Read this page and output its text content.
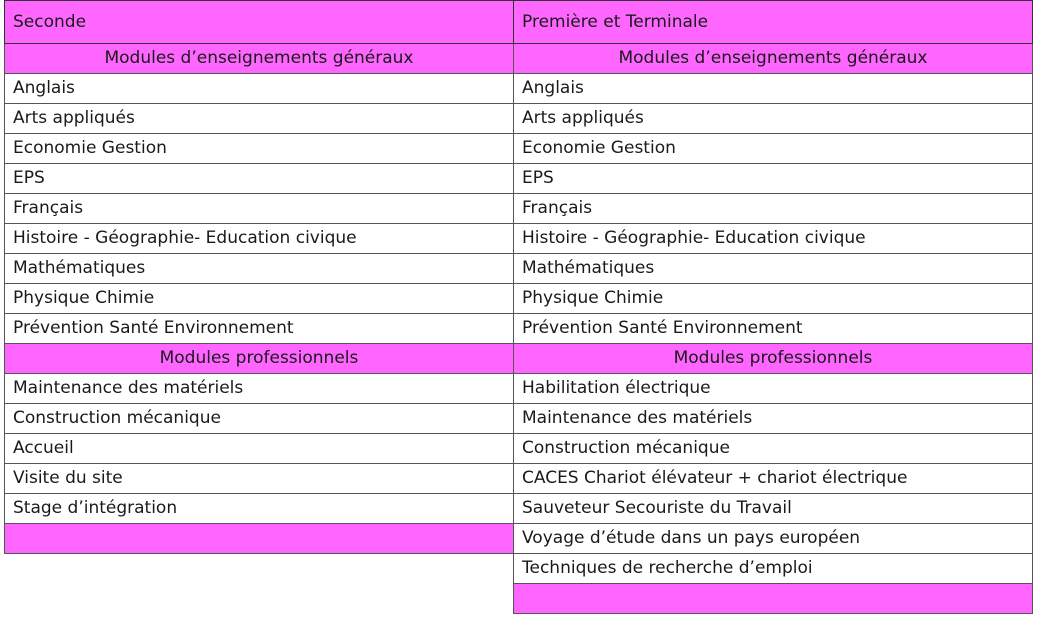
Seconde
Modules d’enseignements généraux
Anglais
Arts appliqués
Economie Gestion
EPS
Français
Histoire - Géographie- Education civique
Mathématiques
Physique Chimie
Prévention Santé Environnement
Modules professionnels
Maintenance des matériels
Construction mécanique
Accueil
Visite du site
Stage d’intégration
Première et Terminale
Modules d’enseignements généraux
Anglais
Arts appliqués
Economie Gestion
EPS
Français
Histoire - Géographie- Education civique
Mathématiques
Physique Chimie
Prévention Santé Environnement
Modules professionnels
Habilitation électrique
Maintenance des matériels
Construction mécanique
CACES Chariot élévateur + chariot électrique
Sauveteur Secouriste du Travail
Voyage d’étude dans un pays européen
Techniques de recherche d’emploi
